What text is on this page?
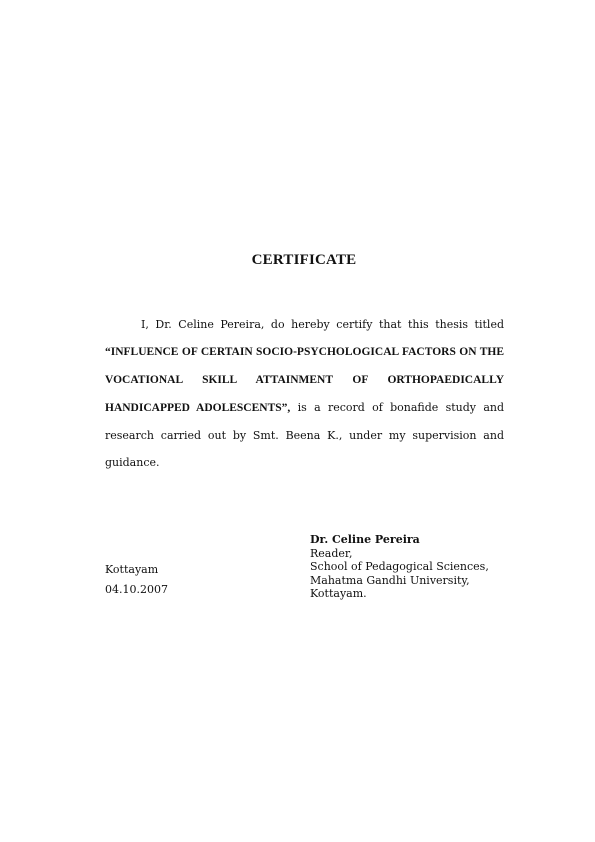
CERTIFICATE
I, Dr. Celine Pereira, do hereby certify that this thesis titled “INFLUENCE OF CERTAIN SOCIO-PSYCHOLOGICAL FACTORS ON THE VOCATIONAL SKILL ATTAINMENT OF ORTHOPAEDICALLY HANDICAPPED ADOLESCENTS”, is a record of bonafide study and research carried out by Smt. Beena K., under my supervision and guidance.
Kottayam
04.10.2007
Dr. Celine Pereira
Reader,
School of Pedagogical Sciences,
Mahatma Gandhi University,
Kottayam.
